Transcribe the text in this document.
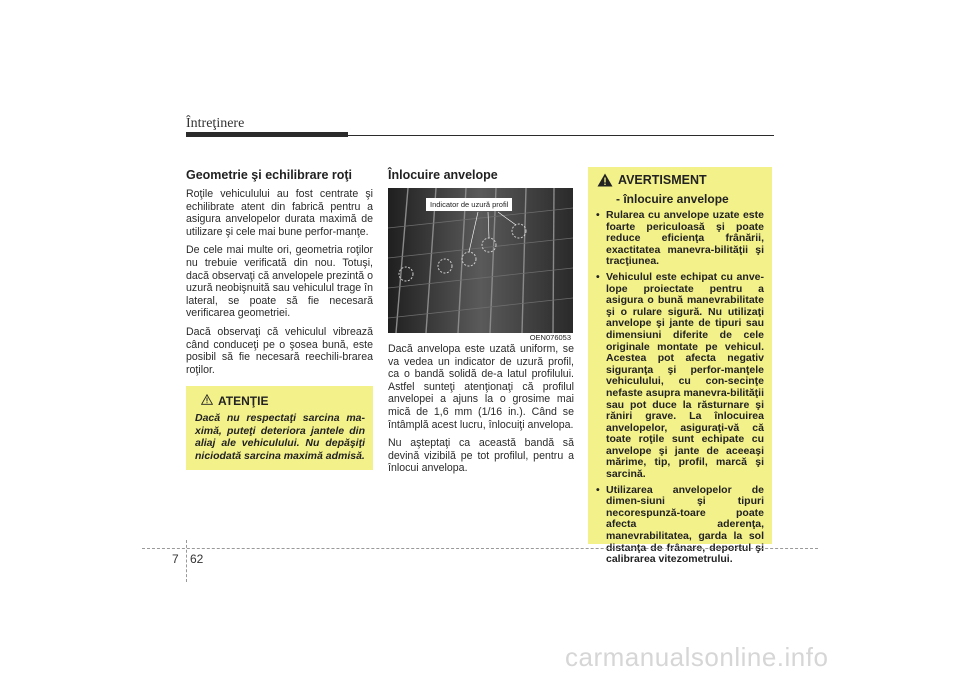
Întreţinere
Geometrie şi echilibrare roţi

Roţile vehiculului au fost centrate şi echilibrate atent din fabrică pentru a asigura anvelopelor durata maximă de utilizare şi cele mai bune perfor-manţe.

De cele mai multe ori, geometria roţilor nu trebuie verificată din nou. Totuşi, dacă observaţi că anvelopele prezintă o uzură neobişnuită sau vehiculul trage în lateral, se poate să fie necesară verificarea geometriei.

Dacă observaţi că vehiculul vibrează când conduceţi pe o şosea bună, este posibil să fie necesară reechili-brarea roţilor.

ATENŢIE

Dacă nu respectaţi sarcina ma-ximă, puteţi deteriora jantele din aliaj ale vehiculului. Nu depăşiţi niciodată sarcina maximă admisă.

Înlocuire anvelope
Indicator de uzură profil
OEN076053

Dacă anvelopa este uzată uniform, se va vedea un indicator de uzură profil, ca o bandă solidă de-a latul profilului. Astfel sunteţi atenţionaţi că profilul anvelopei a ajuns la o grosime mai mică de 1,6 mm (1/16 in.). Când se întâmplă acest lucru, înlocuiţi anvelopa.

Nu aşteptaţi ca această bandă să devină vizibilă pe tot profilul, pentru a înlocui anvelopa.

AVERTISMENT
- înlocuire anvelope
• Rularea cu anvelope uzate este foarte periculoasă şi poate reduce eficienţa frânării, exactitatea manevra-bilităţii şi tracţiunea.
• Vehiculul este echipat cu anve-lope proiectate pentru a asigura o bună manevrabilitate şi o rulare sigură. Nu utilizaţi anvelope şi jante de tipuri sau dimensiuni diferite de cele originale montate pe vehicul. Acestea pot afecta negativ siguranţa şi perfor-manţele vehiculului, cu con-secinţe nefaste asupra manevra-bilităţii sau pot duce la răsturnare şi răniri grave. La înlocuirea anvelopelor, asiguraţi-vă că toate roţile sunt echipate cu anvelope şi jante de aceeaşi mărime, tip, profil, marcă şi sarcină.
• Utilizarea anvelopelor de dimen-siuni şi tipuri necorespunză-toare poate afecta aderenţa, manevrabilitatea, garda la sol distanţa de frânare, deportul şi calibrarea vitezometrului.
7 62
carmanualsonline.info
